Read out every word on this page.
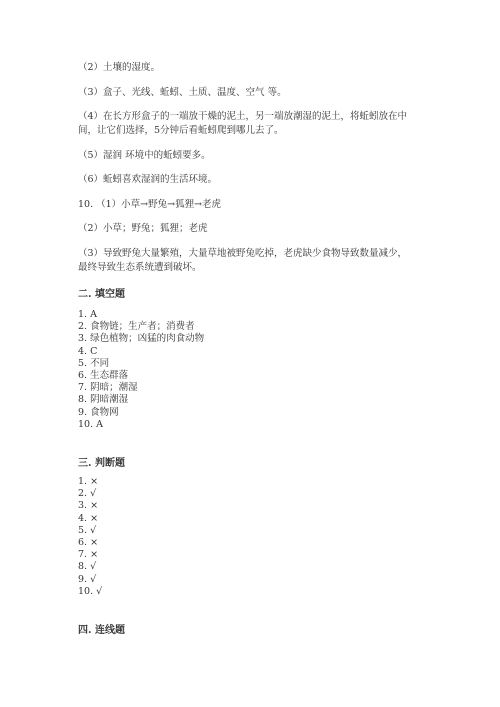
（2）土壤的湿度。
（3）盒子、光线、蚯蚓、土质、温度、空气 等。
（4）在长方形盒子的一端放干燥的泥土，另一端放潮湿的泥土，将蚯蚓放在中
间，让它们选择，5分钟后看蚯蚓爬到哪儿去了。
（5）湿润 环境中的蚯蚓要多。
（6）蚯蚓喜欢湿润的生活环境。
10. （1）小草→野兔→狐狸→老虎
（2）小草；野兔；狐狸；老虎
（3）导致野兔大量繁殖，大量草地被野兔吃掉，老虎缺少食物导致数量减少，
最终导致生态系统遭到破坏。
二. 填空题
1. A
2. 食物链；生产者；消费者
3. 绿色植物；凶猛的肉食动物
4. C
5. 不同
6. 生态群落
7. 阴暗；潮湿
8. 阴暗潮湿
9. 食物网
10. A
三. 判断题
1. ×
2. √
3. ×
4. ×
5. √
6. ×
7. ×
8. √
9. √
10. √
四. 连线题
